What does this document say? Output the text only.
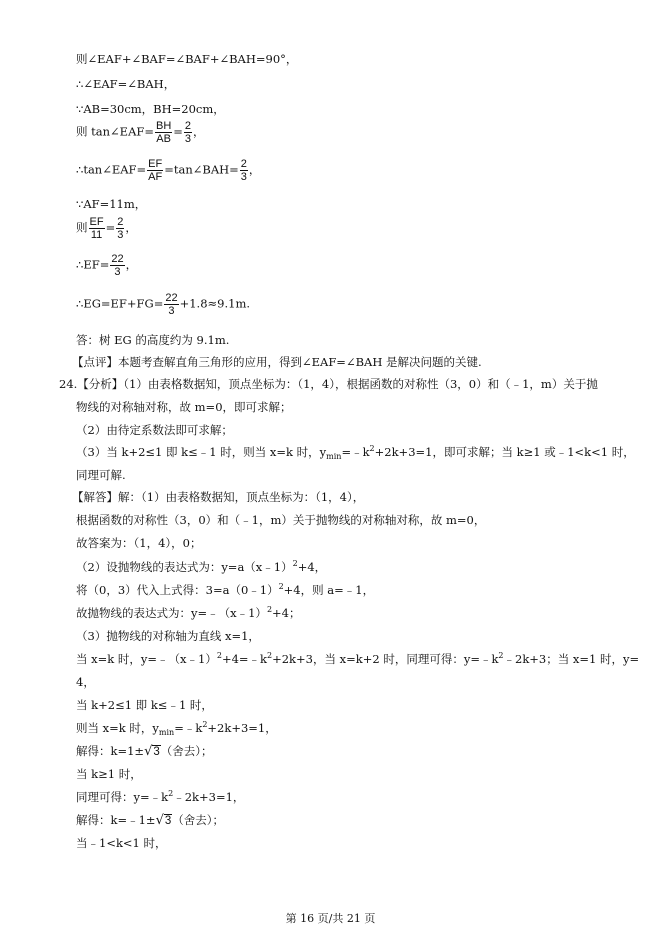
则∠EAF+∠BAF=∠BAF+∠BAH=90°，
∴∠EAF=∠BAH，
∵AB=30cm，BH=20cm，
则 tan∠EAF= $\frac{BH}{AB} = \frac{2}{3}$ ，
∴tan∠EAF= $\frac{EF}{AF}$ =tan∠BAH= $\frac{2}{3}$ ，
∵AF=11m，
则 $\frac{EF}{11} = \frac{2}{3}$ ，
∴EF= $\frac{22}{3}$ ，
∴EG=EF+FG= $\frac{22}{3} +1.8\approx 9.1m$.
答：树 EG 的高度约为 9.1m.
【点评】本题考查解直角三角形的应用，得到∠EAF=∠BAH 是解决问题的关键.
24.【分析】（1）由表格数据知，顶点坐标为：（1，4），根据函数的对称性（3，0）和（﹣1，m）关于抛
物线的对称轴对称，故 m=0，即可求解；
（2）由待定系数法即可求解；
（3）当 k+2≤1 即 k≤﹣1 时，则当 x=k 时，$y_{min}=﹣k^2+2k+3=1$，即可求解；当 k≥1 或﹣1<k<1 时，
同理可解.
【解答】解：（1）由表格数据知，顶点坐标为：（1，4），
根据函数的对称性（3，0）和（﹣1，m）关于抛物线的对称轴对称，故 m=0，
故答案为：（1，4），0；
（2）设抛物线的表达式为：y=a（x﹣1）$^2$+4，
将（0，3）代入上式得：3=a（0﹣1）$^2$+4，则 a=﹣1，
故抛物线的表达式为：y=﹣（x﹣1）$^2$+4；
（3）抛物线的对称轴为直线 x=1，
当 x=k 时，$y=﹣(x﹣1)^2+4=﹣k^2+2k+3$，当 x=k+2 时，同理可得：$y=﹣k^2﹣2k+3$；当 x=1 时，y=
4，
当 k+2≤1 即 k≤﹣1 时，
则当 x=k 时，$y_{min}=﹣k^2+2k+3=1$，
解得：k=1±√3（舍去）；
当 k≥1 时，
同理可得：$y=﹣k^2﹣2k+3=1$，
解得：k=﹣1±√3（舍去）；
当﹣1<k<1 时，
第 16 页/共 21 页
